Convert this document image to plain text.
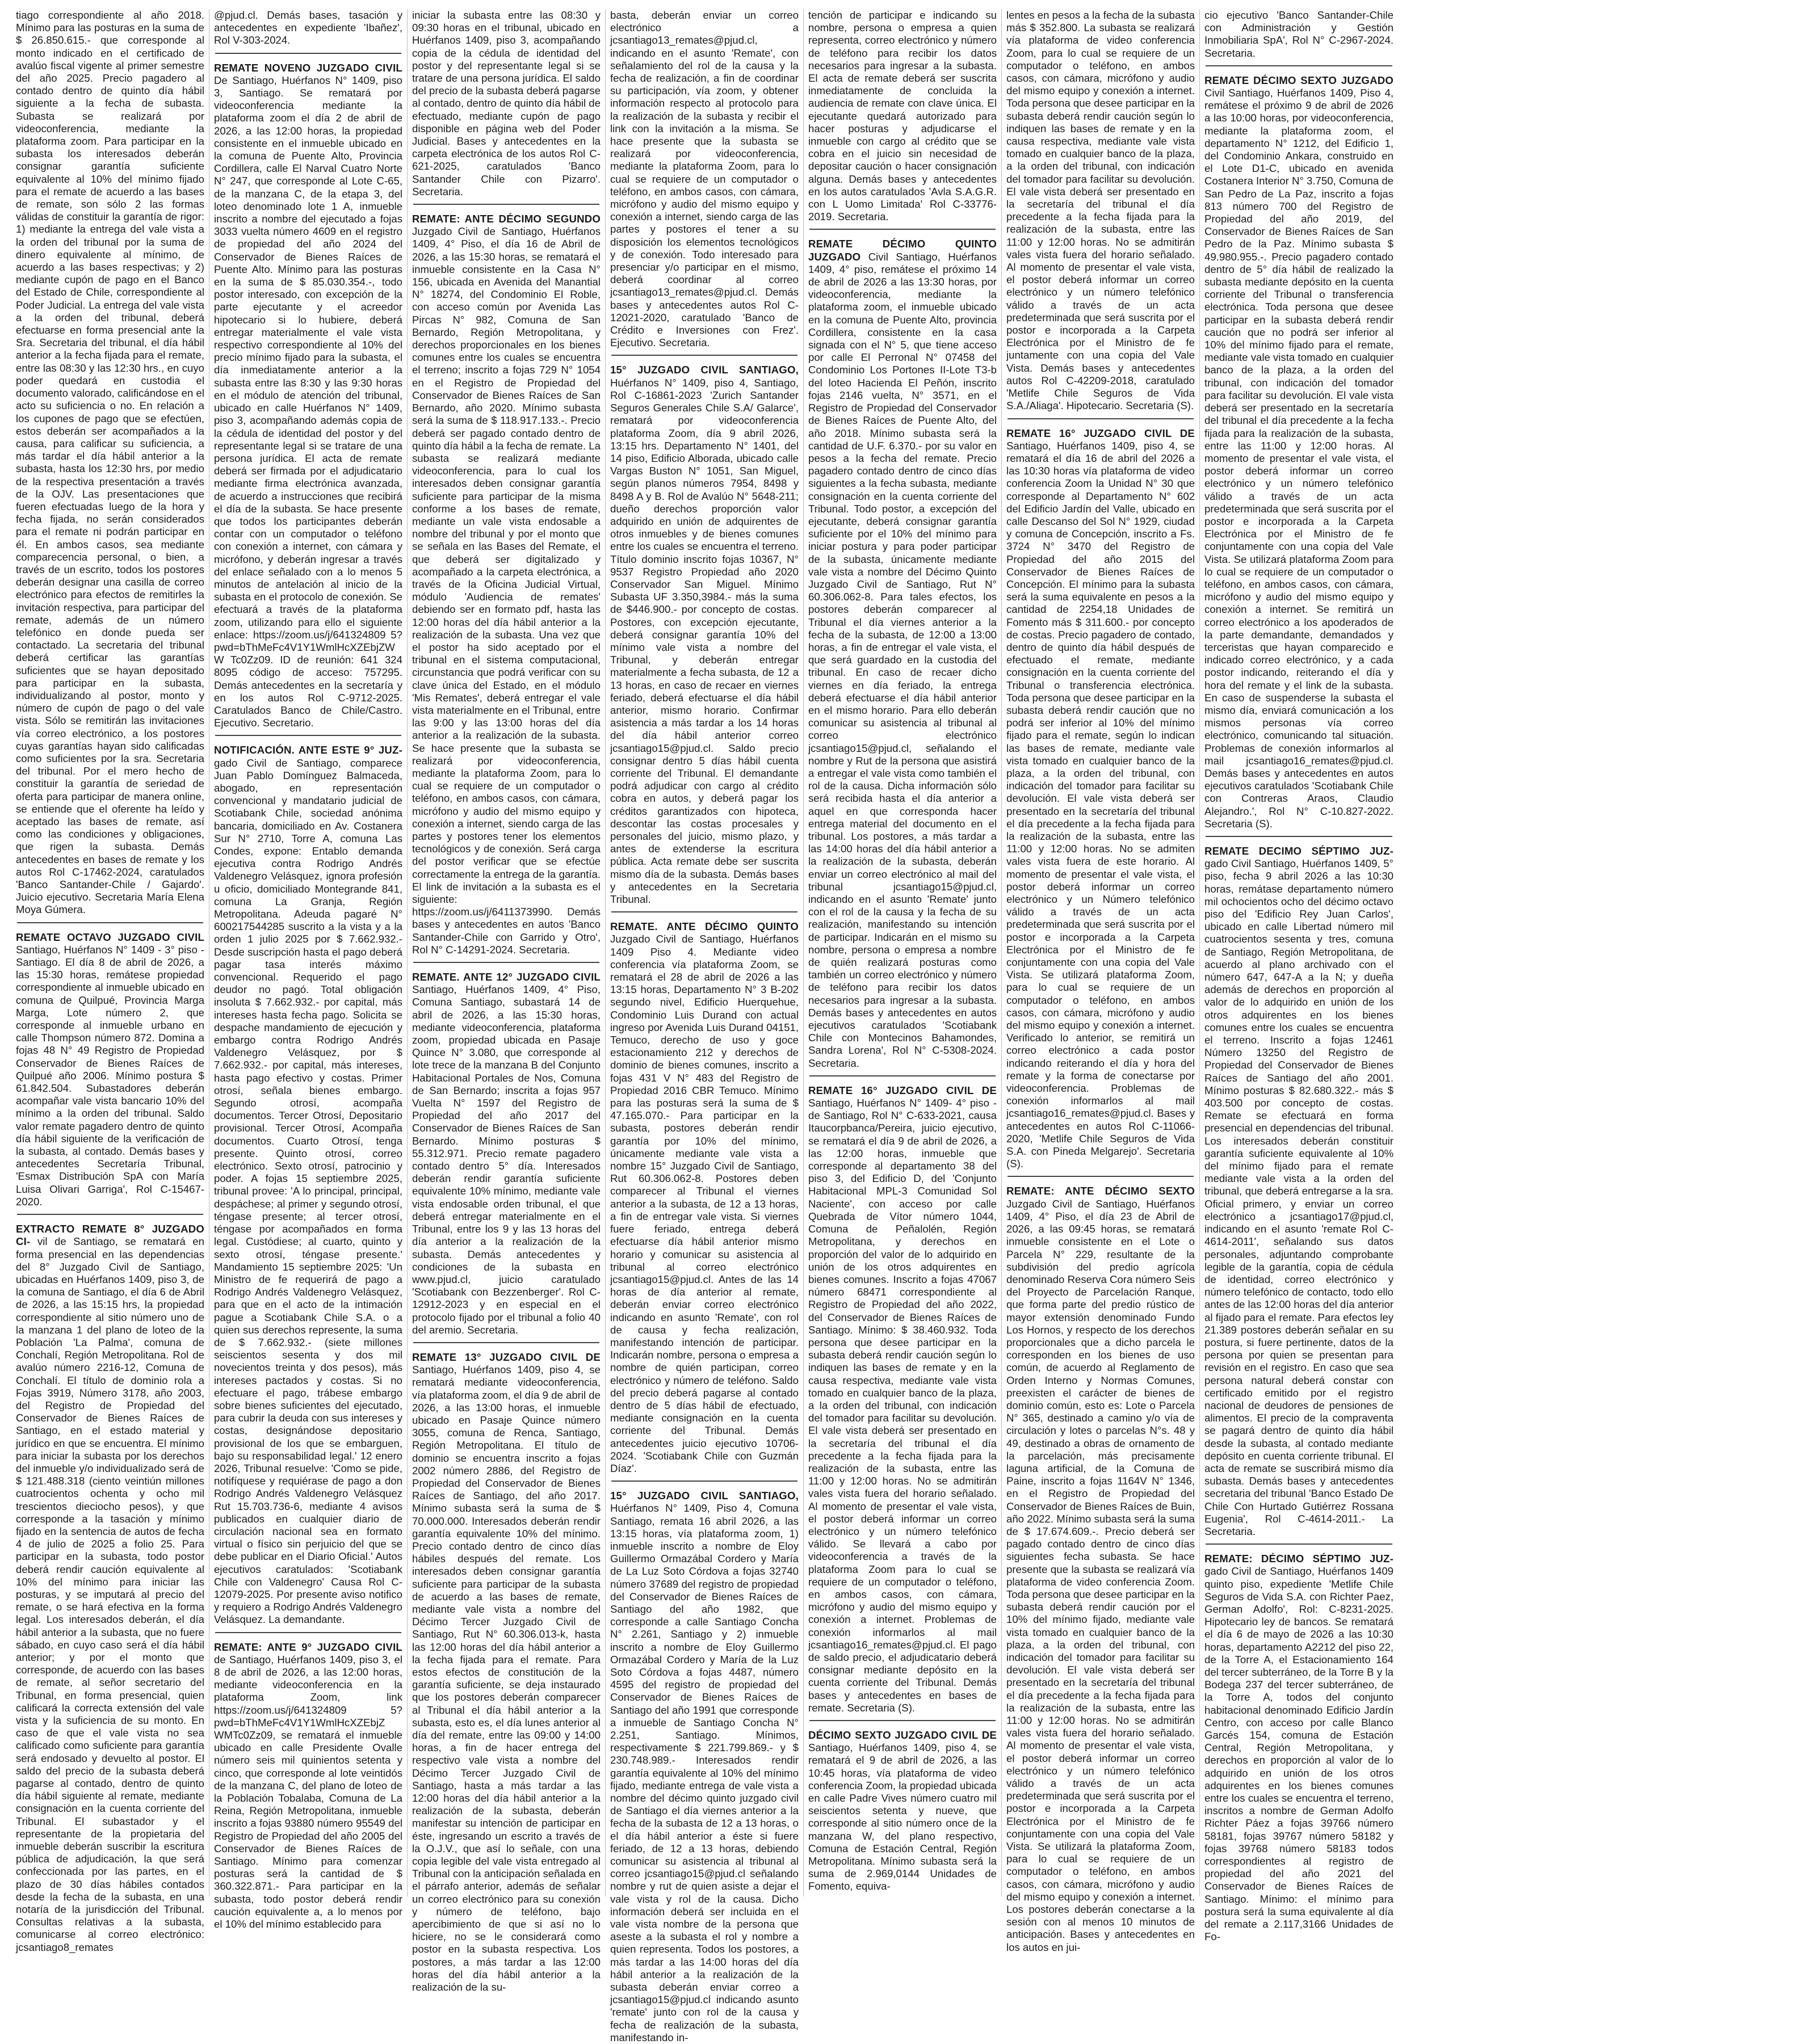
tiago correspondiente al año 2018. Mínimo para las posturas en la suma de $ 26.850.615.- que corresponde al monto indicado en el certificado de avalúo fiscal vigente al primer semestre del año 2025. Precio pagadero al contado dentro de quinto día hábil siguiente a la fecha de subasta. Subasta se realizará por videoconferencia, mediante la plataforma zoom. Para participar en la subasta los interesados deberán consignar garantía suficiente equivalente al 10% del mínimo fijado para el remate de acuerdo a las bases de remate, son sólo 2 las formas válidas de constituir la garantía de rigor: 1) mediante la entrega del vale vista a la orden del tribunal por la suma de dinero equivalente al mínimo, de acuerdo a las bases respectivas; y 2) mediante cupón de pago en el Banco del Estado de Chile, correspondiente al Poder Judicial. La entrega del vale vista a la orden del tribunal, deberá efectuarse en forma presencial ante la Sra. Secretaria del tribunal, el día hábil anterior a la fecha fijada para el remate, entre las 08:30 y las 12:30 hrs., en cuyo poder quedará en custodia el documento valorado, calificándose en el acto su suficiencia o no. En relación a los cupones de pago que se efectúen, estos deberán ser acompañados a la causa, para calificar su suficiencia, a más tardar el día hábil anterior a la subasta, hasta los 12:30 hrs, por medio de la respectiva presentación a través de la OJV. Las presentaciones que fueren efectuadas luego de la hora y fecha fijada, no serán considerados para el remate ni podrán participar en él. En ambos casos, sea mediante comparecencia personal, o bien, a través de un escrito, todos los postores deberán designar una casilla de correo electrónico para efectos de remitirles la invitación respectiva, para participar del remate, además de un número telefónico en donde pueda ser contactado. La secretaria del tribunal deberá certificar las garantías suficientes que se hayan depositado para participar en la subasta, individualizando al postor, monto y número de cupón de pago o del vale vista. Sólo se remitirán las invitaciones vía correo electrónico, a los postores cuyas garantías hayan sido calificadas como suficientes por la sra. Secretaria del tribunal. Por el mero hecho de constituir la garantía de seriedad de oferta para participar de manera online, se entiende que el oferente ha leído y aceptado las bases de remate, así como las condiciones y obligaciones, que rigen la subasta. Demás antecedentes en bases de remate y los autos Rol C-17462-2024, caratulados 'Banco Santander-Chile / Gajardo'. Juicio ejecutivo. Secretaria María Elena Moya Gúmera.

REMATE OCTAVO JUZGADO CIVIL Santiago, Huérfanos N° 1409 - 3° piso - Santiago. El día 8 de abril de 2026, a las 15:30 horas, remátese propiedad correspondiente al inmueble ubicado en comuna de Quilpué, Provincia Marga Marga, Lote número 2, que corresponde al inmueble urbano en calle Thompson número 872. Domina a fojas 48 N° 49 Registro de Propiedad Conservador de Bienes Raíces de Quilpué año 2006. Mínimo postura $ 61.842.504. Subastadores deberán acompañar vale vista bancario 10% del mínimo a la orden del tribunal. Saldo valor remate pagadero dentro de quinto día hábil siguiente de la verificación de la subasta, al contado. Demás bases y antecedentes Secretaría Tribunal, 'Esmax Distribución SpA con María Luisa Olivari Garriga', Rol C-15467-2020.

EXTRACTO REMATE 8° JUZGADO CI- vil de Santiago, se rematará en forma presencial en las dependencias del 8° Juzgado Civil de Santiago, ubicadas en Huérfanos 1409, piso 3, de la comuna de Santiago, el día 6 de Abril de 2026, a las 15:15 hrs, la propiedad correspondiente al sitio número uno de la manzana 1 del plano de loteo de la Población 'La Palma', comuna de Conchalí, Región Metropolitana. Rol de avalúo número 2216-12, Comuna de Conchalí. El título de dominio rola a Fojas 3919, Número 3178, año 2003, del Registro de Propiedad del Conservador de Bienes Raíces de Santiago, en el estado material y jurídico en que se encuentra. El mínimo para iniciar la subasta por los derechos del inmueble y/o individualizado será de $ 121.488.318 (ciento veintiún millones cuatrocientos ochenta y ocho mil trescientos dieciocho pesos), y que corresponde a la tasación y mínimo fijado en la sentencia de autos de fecha 4 de julio de 2025 a folio 25. Para participar en la subasta, todo postor deberá rendir caución equivalente al 10% del mínimo para iniciar las posturas, y se imputará al precio del remate, o se hará efectiva en la forma legal. Los interesados deberán, el día hábil anterior a la subasta, que no fuere sábado, en cuyo caso será el día hábil anterior; y por el monto que corresponde, de acuerdo con las bases de remate, al señor secretario del Tribunal, en forma presencial, quien calificará la correcta extensión del vale vista y la suficiencia de su monto. En caso de que el vale vista no sea calificado como suficiente para garantía será endosado y devuelto al postor. El saldo del precio de la subasta deberá pagarse al contado, dentro de quinto día hábil siguiente al remate, mediante consignación en la cuenta corriente del Tribunal. El subastador y el representante de la propietaria del inmueble deberán suscribir la escritura pública de adjudicación, la que será confeccionada por las partes, en el plazo de 30 días hábiles contados desde la fecha de la subasta, en una notaría de la jurisdicción del Tribunal. Consultas relativas a la subasta, comunicarse al correo electrónico: jcsantiago8_remates

@pjud.cl. Demás bases, tasación y antecedentes en expediente 'Ibañez', Rol V-303-2024.

REMATE NOVENO JUZGADO CIVIL De Santiago, Huérfanos N° 1409, piso 3, Santiago. Se rematará por videoconferencia mediante la plataforma zoom el día 2 de abril de 2026, a las 12:00 horas, la propiedad consistente en el inmueble ubicado en la comuna de Puente Alto, Provincia Cordillera, calle El Narval Cuatro Norte N° 247, que corresponde al Lote C-65, de la manzana C, de la etapa 3, del loteo denominado lote 1 A, inmueble inscrito a nombre del ejecutado a fojas 3033 vuelta número 4609 en el registro de propiedad del año 2024 del Conservador de Bienes Raíces de Puente Alto. Mínimo para las posturas en la suma de $ 85.030.354.-, todo postor interesado, con excepción de la parte ejecutante y el acreedor hipotecario si lo hubiere, deberá entregar materialmente el vale vista respectivo correspondiente al 10% del precio mínimo fijado para la subasta, el día inmediatamente anterior a la subasta entre las 8:30 y las 9:30 horas en el módulo de atención del tribunal, ubicado en calle Huérfanos N° 1409, piso 3, acompañando además copia de la cédula de identidad del postor y del representante legal si se tratare de una persona jurídica. El acta de remate deberá ser firmada por el adjudicatario mediante firma electrónica avanzada, de acuerdo a instrucciones que recibirá el día de la subasta. Se hace presente que todos los participantes deberán contar con un computador o teléfono con conexión a internet, con cámara y micrófono, y deberán ingresar a través del enlace señalado con a lo menos 5 minutos de antelación al inicio de la subasta en el protocolo de conexión. Se efectuará a través de la plataforma zoom, utilizando para ello el siguiente enlace: https://zoom.us/j/641324809 5?pwd=bThMeFc4V1Y1WmlHcXZEbjZWW Tc0Zz09. ID de reunión: 641 324 8095 código de acceso: 757295. Demás antecedentes en la secretaría y en los autos Rol C-9712-2025. Caratulados Banco de Chile/Castro. Ejecutivo. Secretario.

NOTIFICACIÓN. ANTE ESTE 9° JUZ- gado Civil de Santiago, comparece Juan Pablo Domínguez Balmaceda, abogado, en representación convencional y mandatario judicial de Scotiabank Chile, sociedad anónima bancaria, domiciliado en Av. Costanera Sur N° 2710, Torre A, comuna Las Condes, expone: Entablo demanda ejecutiva contra Rodrigo Andrés Valdenegro Velásquez, ignora profesión u oficio, domiciliado Montegrande 841, comuna La Granja, Región Metropolitana. Adeuda pagaré N° 600217544285 suscrito a la vista y a la orden 1 julio 2025 por $ 7.662.932.- Desde suscripción hasta el pago deberá pagar tasa interés máximo convencional. Requerido el pago deudor no pagó. Total obligación insoluta $ 7.662.932.- por capital, más intereses hasta fecha pago. Solicita se despache mandamiento de ejecución y embargo contra Rodrigo Andrés Valdenegro Velásquez, por $ 7.662.932.- por capital, más intereses, hasta pago efectivo y costas. Primer otrosí, señala bienes embargo. Segundo otrosí, acompaña documentos. Tercer Otrosí, Depositario provisional. Tercer Otrosí, Acompaña documentos. Cuarto Otrosí, tenga presente. Quinto otrosí, correo electrónico. Sexto otrosí, patrocinio y poder. A fojas 15 septiembre 2025, tribunal provee: 'A lo principal, principal, despáchese; al primer y segundo otrosí, téngase presente; al tercer otrosí, téngase por acompañados en forma legal. Custódiese; al cuarto, quinto y sexto otrosí, téngase presente.' Mandamiento 15 septiembre 2025: 'Un Ministro de fe requerirá de pago a Rodrigo Andrés Valdenegro Velásquez, para que en el acto de la intimación pague a Scotiabank Chile S.A. o a quien sus derechos represente, la suma de $ 7.662.932.- (siete millones seiscientos sesenta y dos mil novecientos treinta y dos pesos), más intereses pactados y costas. Si no efectuare el pago, trábese embargo sobre bienes suficientes del ejecutado, para cubrir la deuda con sus intereses y costas, designándose depositario provisional de los que se embarguen, bajo su responsabilidad legal.' 12 enero 2026, Tribunal resuelve: 'Como se pide, notifíquese y requiérase de pago a don Rodrigo Andrés Valdenegro Velásquez Rut 15.703.736-6, mediante 4 avisos publicados en cualquier diario de circulación nacional sea en formato virtual o físico sin perjuicio del que se debe publicar en el Diario Oficial.' Autos ejecutivos caratulados: 'Scotiabank Chile con Valdenegro' Causa Rol C-12079-2025. Por presente aviso notifico y requiero a Rodrigo Andrés Valdenegro Velásquez. La demandante.

REMATE: ANTE 9° JUZGADO CIVIL de Santiago, Huérfanos 1409, piso 3, el 8 de abril de 2026, a las 12:00 horas, mediante videoconferencia en la plataforma Zoom, link https://zoom.us/j/641324809 5?pwd=bThMeFc4V1Y1WmlHcXZEbjZ WMTc0Zz09, se rematará el inmueble ubicado en calle Presidente Ovalle número seis mil quinientos setenta y cinco, que corresponde al lote veintidós de la manzana C, del plano de loteo de la Población Tobalaba, Comuna de La Reina, Región Metropolitana, inmueble inscrito a fojas 93880 número 95549 del Registro de Propiedad del año 2005 del Conservador de Bienes Raíces de Santiago. Mínimo para comenzar posturas será la cantidad de $ 360.322.871.- Para participar en la subasta, todo postor deberá rendir caución equivalente a, a lo menos por el 10% del mínimo establecido para

iniciar la subasta entre las 08:30 y 09:30 horas en el tribunal, ubicado en Huérfanos 1409, piso 3, acompañando copia de la cédula de identidad del postor y del representante legal si se tratare de una persona jurídica. El saldo del precio de la subasta deberá pagarse al contado, dentro de quinto día hábil de efectuado, mediante cupón de pago disponible en página web del Poder Judicial. Bases y antecedentes en la carpeta electrónica de los autos Rol C-621-2025, caratulados 'Banco Santander Chile con Pizarro'. Secretaria.

REMATE: ANTE DÉCIMO SEGUNDO Juzgado Civil de Santiago, Huérfanos 1409, 4° Piso, el día 16 de Abril de 2026, a las 15:30 horas, se rematará el inmueble consistente en la Casa N° 156, ubicada en Avenida del Manantial N° 18274, del Condominio El Roble, con acceso común por Avenida Las Pircas N° 982, Comuna de San Bernardo, Región Metropolitana, y derechos proporcionales en los bienes comunes entre los cuales se encuentra el terreno; inscrito a fojas 729 N° 1054 en el Registro de Propiedad del Conservador de Bienes Raíces de San Bernardo, año 2020. Mínimo subasta será la suma de $ 118.917.133.-. Precio deberá ser pagado contado dentro de quinto día hábil a la fecha de remate. La subasta se realizará mediante videoconferencia, para lo cual los interesados deben consignar garantía suficiente para participar de la misma conforme a los bases de remate, mediante un vale vista endosable a nombre del tribunal y por el monto que se señala en las Bases del Remate, el que deberá ser digitalizado y acompañado a la carpeta electrónica, a través de la Oficina Judicial Virtual, módulo 'Audiencia de remates' debiendo ser en formato pdf, hasta las 12:00 horas del día hábil anterior a la realización de la subasta. Una vez que el postor ha sido aceptado por el tribunal en el sistema computacional, circunstancia que podrá verificar con su clave única del Estado, en el módulo 'Mis Remates', deberá entregar el vale vista materialmente en el Tribunal, entre las 9:00 y las 13:00 horas del día anterior a la realización de la subasta. Se hace presente que la subasta se realizará por videoconferencia, mediante la plataforma Zoom, para lo cual se requiere de un computador o teléfono, en ambos casos, con cámara, micrófono y audio del mismo equipo y conexión a internet, siendo carga de las partes y postores tener los elementos tecnológicos y de conexión. Será carga del postor verificar que se efectúe correctamente la entrega de la garantía. El link de invitación a la subasta es el siguiente: https://zoom.us/j/6411373990. Demás bases y antecedentes en autos 'Banco Santander-Chile con Garrido y Otro', Rol N° C-14291-2024. Secretaria.

REMATE. ANTE 12° JUZGADO CIVIL Santiago, Huérfanos 1409, 4° Piso, Comuna Santiago, subastará 14 de abril de 2026, a las 15:30 horas, mediante videoconferencia, plataforma zoom, propiedad ubicada en Pasaje Quince N° 3.080, que corresponde al lote trece de la manzana B del Conjunto Habitacional Portales de Nos, Comuna de San Bernardo; inscrita a fojas 957 Vuelta N° 1597 del Registro de Propiedad del año 2017 del Conservador de Bienes Raíces de San Bernardo. Mínimo posturas $ 55.312.971. Precio remate pagadero contado dentro 5° día. Interesados deberán rendir garantía suficiente equivalente 10% mínimo, mediante vale vista endosable orden tribunal, el que deberá entregar materialmente en el Tribunal, entre los 9 y las 13 horas del día anterior a la realización de la subasta. Demás antecedentes y condiciones de la subasta en www.pjud.cl, juicio caratulado 'Scotiabank con Bezzenberger'. Rol C-12912-2023 y en especial en el protocolo fijado por el tribunal a folio 40 del aremio. Secretaria.

REMATE 13° JUZGADO CIVIL DE Santiago, Huérfanos 1409, piso 4, se rematará mediante videoconferencia, vía plataforma zoom, el día 9 de abril de 2026, a las 13:00 horas, el inmueble ubicado en Pasaje Quince número 3055, comuna de Renca, Santiago, Región Metropolitana. El título de dominio se encuentra inscrito a fojas 2002 número 2886, del Registro de Propiedad del Conservador de Bienes Raíces de Santiago, del año 2017. Mínimo subasta será la suma de $ 70.000.000. Interesados deberán rendir garantía equivalente 10% del mínimo. Precio contado dentro de cinco días hábiles después del remate. Los interesados deben consignar garantía suficiente para participar de la subasta de acuerdo a las bases de remate, mediante vale vista a nombre del Décimo Tercer Juzgado Civil de Santiago, Rut N° 60.306.013-k, hasta las 12:00 horas del día hábil anterior a la fecha fijada para el remate. Para estos efectos de constitución de la garantía suficiente, se deja instaurado que los postores deberán comparecer al Tribunal el día hábil anterior a la subasta, esto es, el día lunes anterior al día del remate, entre las 09:00 y 14:00 horas, a fin de hacer entrega del respectivo vale vista a nombre del Décimo Tercer Juzgado Civil de Santiago, hasta a más tardar a las 12:00 horas del día hábil anterior a la realización de la subasta, deberán manifestar su intención de participar en éste, ingresando un escrito a través de la O.J.V., que así lo señale, con una copia legible del vale vista entregado al Tribunal con la anticipación señalada en el párrafo anterior, además de señalar un correo electrónico para su conexión y número de teléfono, bajo apercibimiento de que si así no lo hiciere, no se le considerará como postor en la subasta respectiva. Los postores, a más tardar a las 12:00 horas del día hábil anterior a la realización de la su-

basta, deberán enviar un correo electrónico a jcsantiago13_remates@pjud.cl, indicando en el asunto 'Remate', con señalamiento del rol de la causa y la fecha de realización, a fin de coordinar su participación, vía zoom, y obtener información respecto al protocolo para la realización de la subasta y recibir el link con la invitación a la misma. Se hace presente que la subasta se realizará por videoconferencia, mediante la plataforma Zoom, para lo cual se requiere de un computador o teléfono, en ambos casos, con cámara, micrófono y audio del mismo equipo y conexión a internet, siendo carga de las partes y postores el tener a su disposición los elementos tecnológicos y de conexión. Todo interesado para presenciar y/o participar en el mismo, deberá coordinar al correo jcsantiago13_remates@pjud.cl. Demás bases y antecedentes autos Rol C-12021-2020, caratulado 'Banco de Crédito e Inversiones con Frez'. Ejecutivo. Secretaria.

15° JUZGADO CIVIL SANTIAGO, Huérfanos N° 1409, piso 4, Santiago, Rol C-16861-2023 'Zurich Santander Seguros Generales Chile S.A/ Galarce', rematará por videoconferencia plataforma Zoom, día 9 abril 2026, 13:15 hrs. Departamento N° 1401, del 14 piso, Edificio Alborada, ubicado calle Vargas Buston N° 1051, San Miguel, según planos números 7954, 8498 y 8498 A y B. Rol de Avalúo N° 5648-211; dueño derechos proporción valor adquirido en unión de adquirentes de otros inmuebles y de bienes comunes entre los cuales se encuentra el terreno. Título dominio inscrito fojas 10367, N° 9537 Registro Propiedad año 2020 Conservador San Miguel. Mínimo Subasta UF 3.350,3984.- más la suma de $446.900.- por concepto de costas. Postores, con excepción ejecutante, deberá consignar garantía 10% del mínimo vale vista a nombre del Tribunal, y deberán entregar materialmente a fecha subasta, de 12 a 13 horas, en caso de recaer en viernes feriado, deberá efectuarse el día hábil anterior, mismo horario. Confirmar asistencia a más tardar a los 14 horas del día hábil anterior correo jcsantiago15@pjud.cl. Saldo precio consignar dentro 5 días hábil cuenta corriente del Tribunal. El demandante podrá adjudicar con cargo al crédito cobra en autos, y deberá pagar los créditos garantizados con hipoteca, descontar las costas procesales y personales del juicio, mismo plazo, y antes de extenderse la escritura pública. Acta remate debe ser suscrita mismo día de la subasta. Demás bases y antecedentes en la Secretaria Tribunal.

REMATE. ANTE DÉCIMO QUINTO Juzgado Civil de Santiago, Huérfanos 1409 Piso 4. Mediante video conferencia vía plataforma Zoom, se rematará el 28 de abril de 2026 a las 13:15 horas, Departamento N° 3 B-202 segundo nivel, Edificio Huerquehue, Condominio Luis Durand con actual ingreso por Avenida Luis Durand 04151, Temuco, derecho de uso y goce estacionamiento 212 y derechos de dominio de bienes comunes, inscrito a fojas 431 V N° 483 del Registro de Propiedad 2016 CBR Temuco. Mínimo para las posturas será la suma de $ 47.165.070.- Para participar en la subasta, postores deberán rendir garantía por 10% del mínimo, únicamente mediante vale vista a nombre 15° Juzgado Civil de Santiago, Rut 60.306.062-8. Postores deben comparecer al Tribunal el viernes anterior a la subasta, de 12 a 13 horas, a fin de entregar vale vista. Si viernes fuere feriado, entrega deberá efectuarse día hábil anterior mismo horario y comunicar su asistencia al tribunal al correo electrónico jcsantiago15@pjud.cl. Antes de las 14 horas de día anterior al remate, deberán enviar correo electrónico indicando en asunto 'Remate', con rol de causa y fecha realización, manifestando intención de participar. Indicarán nombre, persona o empresa a nombre de quién participan, correo electrónico y número de teléfono. Saldo del precio deberá pagarse al contado dentro de 5 días hábil de efectuado, mediante consignación en la cuenta corriente del Tribunal. Demás antecedentes juicio ejecutivo 10706-2024. 'Scotiabank Chile con Guzmán Díaz'.

15° JUZGADO CIVIL SANTIAGO, Huérfanos N° 1409, Piso 4, Comuna Santiago, remata 16 abril 2026, a las 13:15 horas, vía plataforma zoom, 1) inmueble inscrito a nombre de Eloy Guillermo Ormazábal Cordero y María de La Luz Soto Córdova a fojas 32740 número 37689 del registro de propiedad del Conservador de Bienes Raíces de Santiago del año 1982, que corresponde a calle Santiago Concha N° 2.261, Santiago y 2) inmueble inscrito a nombre de Eloy Guillermo Ormazábal Cordero y María de la Luz Soto Córdova a fojas 4487, número 4595 del registro de propiedad del Conservador de Bienes Raíces de Santiago del año 1991 que corresponde a inmueble de Santiago Concha N° 2.251, Santiago. Mínimos, respectivamente $ 221.799.869.- y $ 230.748.989.- Interesados rendir garantía equivalente al 10% del mínimo fijado, mediante entrega de vale vista a nombre del décimo quinto juzgado civil de Santiago el día viernes anterior a la fecha de la subasta de 12 a 13 horas, o el día hábil anterior a éste si fuere feriado, de 12 a 13 horas, debiendo comunicar su asistencia al tribunal al correo jcsantiago15@pjud.cl señalando nombre y rut de quien asiste a dejar el vale vista y rol de la causa. Dicho información deberá ser incluida en el vale vista nombre de la persona que aseste a la subasta el rol y nombre a quien representa. Todos los postores, a más tardar a las 14:00 horas del día hábil anterior a la realización de la subasta deberán enviar correo a jcsantiago15@pjud.cl indicando asunto 'remate' junto con rol de la causa y fecha de realización de la subasta, manifestando in-

tención de participar e indicando su nombre, persona o empresa a quien representa, correo electrónico y número de teléfono para recibir los datos necesarios para ingresar a la subasta. El acta de remate deberá ser suscrita inmediatamente de concluida la audiencia de remate con clave única. El ejecutante quedará autorizado para hacer posturas y adjudicarse el inmueble con cargo al crédito que se cobra en el juicio sin necesidad de depositar caución o hacer consignación alguna. Demás bases y antecedentes en los autos caratulados 'Avla S.A.G.R. con L Uomo Limitada' Rol C-33776-2019. Secretaria.

REMATE DÉCIMO QUINTO JUZGADO Civil Santiago, Huérfanos 1409, 4° piso, remátese el próximo 14 de abril de 2026 a las 13:30 horas, por videoconferencia, mediante la plataforma zoom, el inmueble ubicado en la comuna de Puente Alto, provincia Cordillera, consistente en la casa signada con el N° 5, que tiene acceso por calle El Perronal N° 07458 del Condominio Los Portones II-Lote T3-b del loteo Hacienda El Peñón, inscrito fojas 2146 vuelta, N° 3571, en el Registro de Propiedad del Conservador de Bienes Raíces de Puente Alto, del año 2018. Mínimo subasta será la cantidad de U.F. 6.370.- por su valor en pesos a la fecha del remate. Precio pagadero contado dentro de cinco días siguientes a la fecha subasta, mediante consignación en la cuenta corriente del Tribunal. Todo postor, a excepción del ejecutante, deberá consignar garantía suficiente por el 10% del mínimo para iniciar postura y para poder participar de la subasta, únicamente mediante vale vista a nombre del Décimo Quinto Juzgado Civil de Santiago, Rut N° 60.306.062-8. Para tales efectos, los postores deberán comparecer al Tribunal el día viernes anterior a la fecha de la subasta, de 12:00 a 13:00 horas, a fin de entregar el vale vista, el que será guardado en la custodia del tribunal. En caso de recaer dicho viernes en día feriado, la entrega deberá efectuarse el día hábil anterior en el mismo horario. Para ello deberán comunicar su asistencia al tribunal al correo electrónico jcsantiago15@pjud.cl, señalando el nombre y Rut de la persona que asistirá a entregar el vale vista como también el rol de la causa. Dicha información sólo será recibida hasta el día anterior a aquel en que corresponda hacer entrega material del documento en el tribunal. Los postores, a más tardar a las 14:00 horas del día hábil anterior a la realización de la subasta, deberán enviar un correo electrónico al mail del tribunal jcsantiago15@pjud.cl, indicando en el asunto 'Remate' junto con el rol de la causa y la fecha de su realización, manifestando su intención de participar. Indicarán en el mismo su nombre, persona o empresa a nombre de quién realizará posturas como también un correo electrónico y número de teléfono para recibir los datos necesarios para ingresar a la subasta. Demás bases y antecedentes en autos ejecutivos caratulados 'Scotiabank Chile con Montecinos Bahamondes, Sandra Lorena', Rol N° C-5308-2024. Secretaria.

REMATE 16° JUZGADO CIVIL DE Santiago, Huérfanos N° 1409- 4° piso - de Santiago, Rol N° C-633-2021, causa Itaucorpbanca/Pereira, juicio ejecutivo, se rematará el día 9 de abril de 2026, a las 12:00 horas, inmueble que corresponde al departamento 38 del piso 3, del Edificio D, del 'Conjunto Habitacional MPL-3 Comunidad Sol Naciente', con acceso por calle Quebrada de Vítor número 1044, Comuna de Peñalolén, Región Metropolitana, y derechos en proporción del valor de lo adquirido en unión de los otros adquirentes en bienes comunes. Inscrito a fojas 47067 número 68471 correspondiente al Registro de Propiedad del año 2022, del Conservador de Bienes Raíces de Santiago. Mínimo: $ 38.460.932. Toda persona que desee participar en la subasta deberá rendir caución según lo indiquen las bases de remate y en la causa respectiva, mediante vale vista tomado en cualquier banco de la plaza, a la orden del tribunal, con indicación del tomador para facilitar su devolución. El vale vista deberá ser presentado en la secretaría del tribunal el día precedente a la fecha fijada para la realización de la subasta, entre las 11:00 y 12:00 horas. No se admitirán vales vista fuera del horario señalado. Al momento de presentar el vale vista, el postor deberá informar un correo electrónico y un número telefónico válido. Se llevará a cabo por videoconferencia a través de la plataforma Zoom para lo cual se requiere de un computador o teléfono, en ambos casos, con cámara, micrófono y audio del mismo equipo y conexión a internet. Problemas de conexión informarlos al mail jcsantiago16_remates@pjud.cl. El pago de saldo precio, el adjudicatario deberá consignar mediante depósito en la cuenta corriente del Tribunal. Demás bases y antecedentes en bases de remate. Secretaria (S).

DÉCIMO SEXTO JUZGADO CIVIL DE Santiago, Huérfanos 1409, piso 4, se rematará el 9 de abril de 2026, a las 10:45 horas, vía plataforma de video conferencia Zoom, la propiedad ubicada en calle Padre Vives número cuatro mil seiscientos setenta y nueve, que corresponde al sitio número once de la manzana W, del plano respectivo, Comuna de Estación Central, Región Metropolitana. Mínimo subasta será la suma de 2.969,0144 Unidades de Fomento, equiva-

lentes en pesos a la fecha de la subasta más $ 352.800. La subasta se realizará vía plataforma de video conferencia Zoom, para lo cual se requiere de un computador o teléfono, en ambos casos, con cámara, micrófono y audio del mismo equipo y conexión a internet. Toda persona que desee participar en la subasta deberá rendir caución según lo indiquen las bases de remate y en la causa respectiva, mediante vale vista tomado en cualquier banco de la plaza, a la orden del tribunal, con indicación del tomador para facilitar su devolución. El vale vista deberá ser presentado en la secretaría del tribunal el día precedente a la fecha fijada para la realización de la subasta, entre las 11:00 y 12:00 horas. No se admitirán vales vista fuera del horario señalado. Al momento de presentar el vale vista, el postor deberá informar un correo electrónico y un número telefónico válido a través de un acta predeterminada que será suscrita por el postor e incorporada a la Carpeta Electrónica por el Ministro de fe juntamente con una copia del Vale Vista. Demás bases y antecedentes autos Rol C-42209-2018, caratulado 'Metlife Chile Seguros de Vida S.A./Aliaga'. Hipotecario. Secretaria (S).

REMATE 16° JUZGADO CIVIL DE Santiago, Huérfanos 1409, piso 4, se rematará el día 16 de abril del 2026 a las 10:30 horas vía plataforma de video conferencia Zoom la Unidad N° 30 que corresponde al Departamento N° 602 del Edificio Jardín del Valle, ubicado en calle Descanso del Sol N° 1929, ciudad y comuna de Concepción, inscrito a Fs. 3724 N° 3470 del Registro de Propiedad del año 2015 del Conservador de Bienes Raíces de Concepción. El mínimo para la subasta será la suma equivalente en pesos a la cantidad de 2254,18 Unidades de Fomento más $ 311.600.- por concepto de costas. Precio pagadero de contado, dentro de quinto día hábil después de efectuado el remate, mediante consignación en la cuenta corriente del Tribunal o transferencia electrónica. Toda persona que desee participar en la subasta deberá rendir caución que no podrá ser inferior al 10% del mínimo fijado para el remate, según lo indican las bases de remate, mediante vale vista tomado en cualquier banco de la plaza, a la orden del tribunal, con indicación del tomador para facilitar su devolución. El vale vista deberá ser presentado en la secretaría del tribunal el día precedente a la fecha fijada para la realización de la subasta, entre las 11:00 y 12:00 horas. No se admiten vales vista fuera de este horario. Al momento de presentar el vale vista, el postor deberá informar un correo electrónico y un Número telefónico válido a través de un acta predeterminada que será suscrita por el postor e incorporada a la Carpeta Electrónica por el Ministro de fe conjuntamente con una copia del Vale Vista. Se utilizará plataforma Zoom, para lo cual se requiere de un computador o teléfono, en ambos casos, con cámara, micrófono y audio del mismo equipo y conexión a internet. Verificado lo anterior, se remitirá un correo electrónico a cada postor indicando reiterando el día y hora del remate y la forma de conectarse por videoconferencia. Problemas de conexión informarlos al mail jcsantiago16_remates@pjud.cl. Bases y antecedentes en autos Rol C-11066-2020, 'Metlife Chile Seguros de Vida S.A. con Pineda Melgarejo'. Secretaria (S).

REMATE: ANTE DÉCIMO SEXTO Juzgado Civil de Santiago, Huérfanos 1409, 4° Piso, el día 23 de Abril de 2026, a las 09:45 horas, se rematará inmueble consistente en el Lote o Parcela N° 229, resultante de la subdivisión del predio agrícola denominado Reserva Cora número Seis del Proyecto de Parcelación Ranque, que forma parte del predio rústico de mayor extensión denominado Fundo Los Hornos, y respecto de los derechos proporcionales que a dicho parcela le corresponden en los bienes de uso común, de acuerdo al Reglamento de Orden Interno y Normas Comunes, preexisten el carácter de bienes de dominio común, esto es: Lote o Parcela N° 365, destinado a camino y/o vía de circulación y lotes o parcelas N°s. 48 y 49, destinado a obras de ornamento de la parcelación, más precisamente laguna artificial, de la Comuna de Paine, inscrito a fojas 1164V N° 1346, en el Registro de Propiedad del Conservador de Bienes Raíces de Buin, año 2022. Mínimo subasta será la suma de $ 17.674.609.-. Precio deberá ser pagado contado dentro de cinco días siguientes fecha subasta. Se hace presente que la subasta se realizará vía plataforma de video conferencia Zoom. Toda persona que desee participar en la subasta deberá rendir caución por el 10% del mínimo fijado, mediante vale vista tomado en cualquier banco de la plaza, a la orden del tribunal, con indicación del tomador para facilitar su devolución. El vale vista deberá ser presentado en la secretaría del tribunal el día precedente a la fecha fijada para la realización de la subasta, entre las 11:00 y 12:00 horas. No se admitirán vales vista fuera del horario señalado. Al momento de presentar el vale vista, el postor deberá informar un correo electrónico y un número telefónico válido a través de un acta predeterminada que será suscrita por el postor e incorporada a la Carpeta Electrónica por el Ministro de fe conjuntamente con una copia del Vale Vista. Se utilizará la plataforma Zoom, para lo cual se requiere de un computador o teléfono, en ambos casos, con cámara, micrófono y audio del mismo equipo y conexión a internet. Los postores deberán conectarse a la sesión con al menos 10 minutos de anticipación. Bases y antecedentes en los autos en jui-

cio ejecutivo 'Banco Santander-Chile con Administración y Gestión Inmobiliaria SpA', Rol N° C-2967-2024. Secretaria.

REMATE DÉCIMO SEXTO JUZGADO Civil Santiago, Huérfanos 1409, Piso 4, remátese el próximo 9 de abril de 2026 a las 10:00 horas, por videoconferencia, mediante la plataforma zoom, el departamento N° 1212, del Edificio 1, del Condominio Ankara, construido en el Lote D1-C, ubicado en avenida Costanera Interior N° 3.750, Comuna de San Pedro de La Paz, inscrito a fojas 813 número 700 del Registro de Propiedad del año 2019, del Conservador de Bienes Raíces de San Pedro de la Paz. Mínimo subasta $ 49.980.955.-. Precio pagadero contado dentro de 5° día hábil de realizado la subasta mediante depósito en la cuenta corriente del Tribunal o transferencia electrónica. Toda persona que desee participar en la subasta deberá rendir caución que no podrá ser inferior al 10% del mínimo fijado para el remate, mediante vale vista tomado en cualquier banco de la plaza, a la orden del tribunal, con indicación del tomador para facilitar su devolución. El vale vista deberá ser presentado en la secretaría del tribunal el día precedente a la fecha fijada para la realización de la subasta, entre las 11:00 y 12:00 horas. Al momento de presentar el vale vista, el postor deberá informar un correo electrónico y un número telefónico válido a través de un acta predeterminada que será suscrita por el postor e incorporada a la Carpeta Electrónica por el Ministro de fe conjuntamente con una copia del Vale Vista. Se utilizará plataforma Zoom para lo cual se requiere de un computador o teléfono, en ambos casos, con cámara, micrófono y audio del mismo equipo y conexión a internet. Se remitirá un correo electrónico a los apoderados de la parte demandante, demandados y terceristas que hayan comparecido e indicado correo electrónico, y a cada postor indicando, reiterando el día y hora del remate y el link de la subasta. En caso de suspenderse la subasta el mismo día, enviará comunicación a los mismos personas vía correo electrónico, comunicando tal situación. Problemas de conexión informarlos al mail jcsantiago16_remates@pjud.cl. Demás bases y antecedentes en autos ejecutivos caratulados 'Scotiabank Chile con Contreras Araos, Claudio Alejandro.', Rol N° C-10.827-2022. Secretaria (S).

REMATE DECIMO SÉPTIMO JUZ- gado Civil Santiago, Huérfanos 1409, 5° piso, fecha 9 abril 2026 a las 10:30 horas, remátase departamento número mil ochocientos ocho del décimo octavo piso del 'Edificio Rey Juan Carlos', ubicado en calle Libertad número mil cuatrocientos sesenta y tres, comuna de Santiago, Región Metropolitana, de acuerdo al plano archivado con el número 647, 647-A a la N; y dueña además de derechos en proporción al valor de lo adquirido en unión de los otros adquirentes en los bienes comunes entre los cuales se encuentra el terreno. Inscrito a fojas 12461 Número 13250 del Registro de Propiedad del Conservador de Bienes Raíces de Santiago del año 2001. Mínimo posturas $ 82.680.322.- más $ 403.500 por concepto de costas. Remate se efectuará en forma presencial en dependencias del tribunal. Los interesados deberán constituir garantía suficiente equivalente al 10% del mínimo fijado para el remate mediante vale vista a la orden del tribunal, que deberá entregarse a la sra. Oficial primero, y enviar un correo electrónico a jcsantiago17@pjud.cl, indicando en el asunto 'remate Rol C-4614-2011', señalando sus datos personales, adjuntando comprobante legible de la garantía, copia de cédula de identidad, correo electrónico y número telefónico de contacto, todo ello antes de las 12:00 horas del día anterior al fijado para el remate. Para efectos ley 21.389 postores deberán señalar en su postura, si fuere pertinente, datos de la persona por quien se presentan para revisión en el registro. En caso que sea persona natural deberá constar con certificado emitido por el registro nacional de deudores de pensiones de alimentos. El precio de la compraventa se pagará dentro de quinto día hábil desde la subasta, al contado mediante depósito en cuenta corriente tribunal. El acta de remate se suscribirá mismo día subasta. Demás bases y antecedentes secretaria del tribunal 'Banco Estado De Chile Con Hurtado Gutiérrez Rossana Eugenia', Rol C-4614-2011.- La Secretaria.

REMATE: DÉCIMO SÉPTIMO JUZ- gado Civil de Santiago, Huérfanos 1409 quinto piso, expediente 'Metlife Chile Seguros de Vida S.A. con Richter Paez, German Adolfo', Rol: C-8231-2025. Hipotecario ley de bancos. Se rematará el día 6 de mayo de 2026 a las 10:30 horas, departamento A2212 del piso 22, de la Torre A, el Estacionamiento 164 del tercer subterráneo, de la Torre B y la Bodega 237 del tercer subterráneo, de la Torre A, todos del conjunto habitacional denominado Edificio Jardín Centro, con acceso por calle Blanco Garcés 154, comuna de Estación Central, Región Metropolitana, y derechos en proporción al valor de lo adquirido en unión de los otros adquirentes en los bienes comunes entre los cuales se encuentra el terreno, inscritos a nombre de German Adolfo Richter Páez a fojas 39766 número 58181, fojas 39767 número 58182 y fojas 39768 número 58183 todos correspondientes al registro de propiedad del año 2021 del Conservador de Bienes Raíces de Santiago. Mínimo: el mínimo para postura será la suma equivalente al día del remate a 2.117,3166 Unidades de Fo-
